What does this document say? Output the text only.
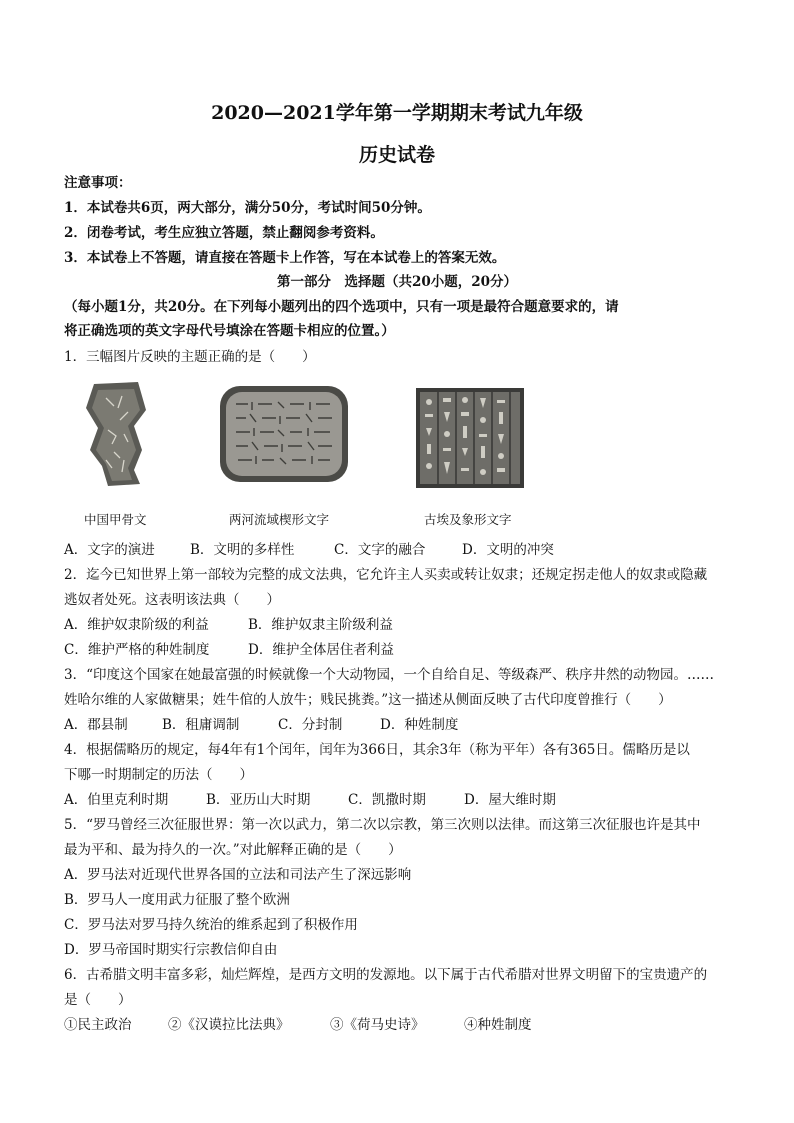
2020—2021学年第一学期期末考试九年级
历史试卷
注意事项：
1．本试卷共6页，两大部分，满分50分，考试时间50分钟。
2．闭卷考试，考生应独立答题，禁止翻阅参考资料。
3．本试卷上不答题，请直接在答题卡上作答，写在本试卷上的答案无效。
第一部分　选择题（共20小题，20分）
（每小题1分，共20分。在下列每小题列出的四个选项中，只有一项是最符合题意要求的，请
将正确选项的英文字母代号填涂在答题卡相应的位置。）
1．三幅图片反映的主题正确的是（　　）
中国甲骨文	两河流域楔形文字	古埃及象形文字
A．文字的演进	B．文明的多样性	C．文字的融合	D．文明的冲突
2．迄今已知世界上第一部较为完整的成文法典，它允许主人买卖或转让奴隶；还规定拐走他人的奴隶或隐藏
逃奴者处死。这表明该法典（　　）
A．维护奴隶阶级的利益	B．维护奴隶主阶级利益
C．维护严格的种姓制度	D．维护全体居住者利益
3．“印度这个国家在她最富强的时候就像一个大动物园，一个自给自足、等级森严、秩序井然的动物园。……
姓哈尔维的人家做糖果；姓牛倌的人放牛；贱民挑粪。”这一描述从侧面反映了古代印度曾推行（　　）
A．郡县制	B．租庸调制	C．分封制	D．种姓制度
4．根据儒略历的规定，每4年有1个闰年，闰年为366日，其余3年（称为平年）各有365日。儒略历是以
下哪一时期制定的历法（　　）
A．伯里克利时期	B．亚历山大时期	C．凯撒时期	D．屋大维时期
5．“罗马曾经三次征服世界：第一次以武力，第二次以宗教，第三次则以法律。而这第三次征服也许是其中
最为平和、最为持久的一次。”对此解释正确的是（　　）
A．罗马法对近现代世界各国的立法和司法产生了深远影响
B．罗马人一度用武力征服了整个欧洲
C．罗马法对罗马持久统治的维系起到了积极作用
D．罗马帝国时期实行宗教信仰自由
6．古希腊文明丰富多彩，灿烂辉煌，是西方文明的发源地。以下属于古代希腊对世界文明留下的宝贵遗产的
是（　　）
①民主政治	②《汉谟拉比法典》	③《荷马史诗》	④种姓制度
